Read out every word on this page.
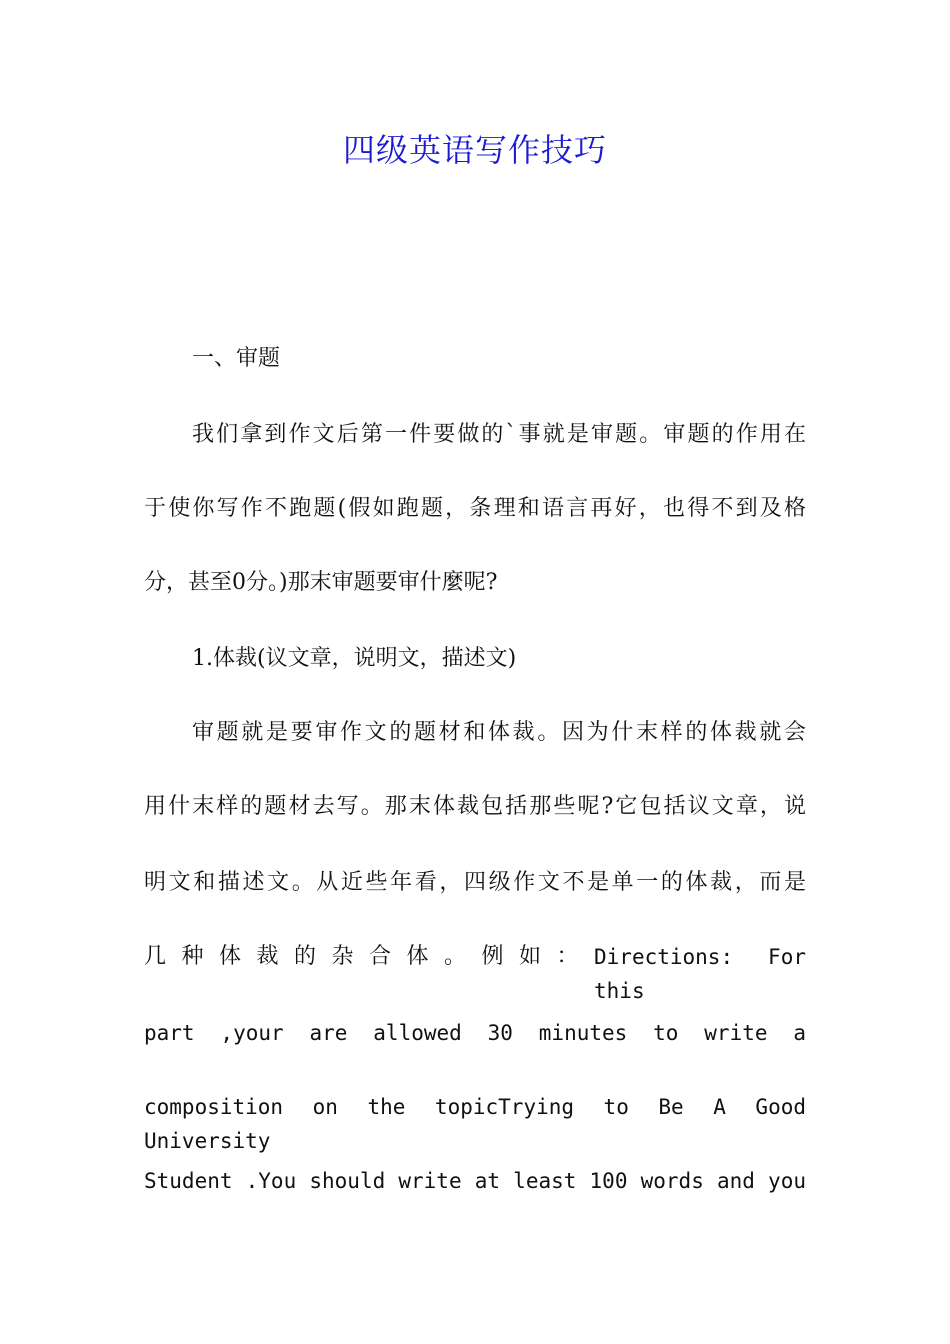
四级英语写作技巧
一、审题
我们拿到作文后第一件要做的`事就是审题。审题的作用在
于使你写作不跑题(假如跑题，条理和语言再好，也得不到及格
分，甚至0分。)那末审题要审什麼呢?
1.体裁(议文章，说明文，描述文)
审题就是要审作文的题材和体裁。因为什末样的体裁就会
用什末样的题材去写。那末体裁包括那些呢?它包括议文章，说
明文和描述文。从近些年看，四级作文不是单一的体裁，而是
几种体裁的杂合体。例如： Directions: For this
part ,your are allowed 30 minutes to write a
composition on the topicTrying to Be A Good University
Student .You should write at least 100 words and you
